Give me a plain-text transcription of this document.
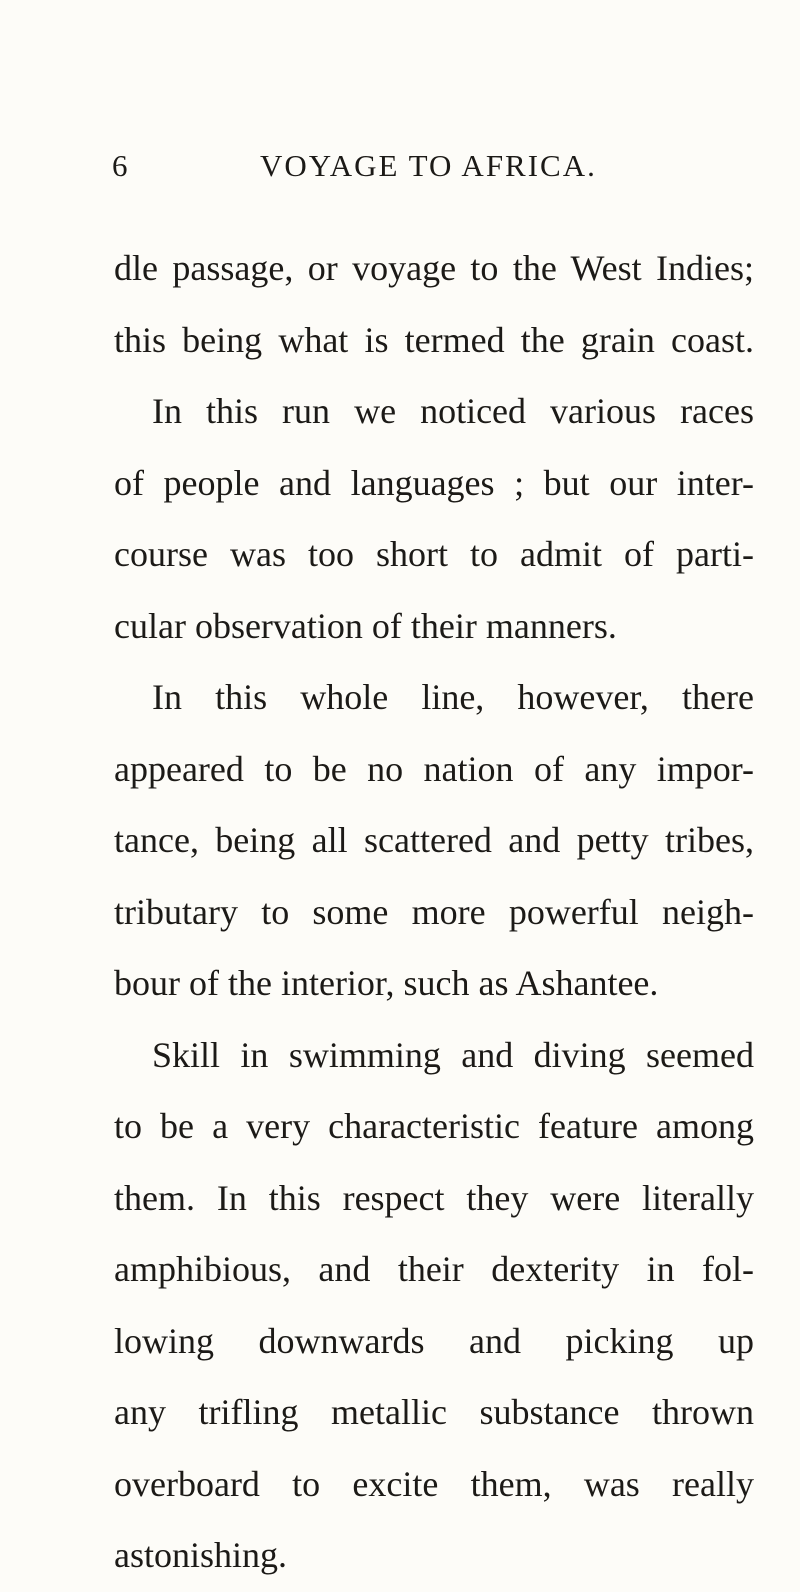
6	VOYAGE TO AFRICA.
dle passage, or voyage to the West Indies;
this being what is termed the grain coast.
In this run we noticed various races
of people and languages ; but our inter-
course was too short to admit of parti-
cular observation of their manners.
In this whole line, however, there
appeared to be no nation of any impor-
tance, being all scattered and petty tribes,
tributary to some more powerful neigh-
bour of the interior, such as Ashantee.
Skill in swimming and diving seemed
to be a very characteristic feature among
them. In this respect they were literally
amphibious, and their dexterity in fol-
lowing downwards and picking up
any trifling metallic substance thrown
overboard to excite them, was really
astonishing.
